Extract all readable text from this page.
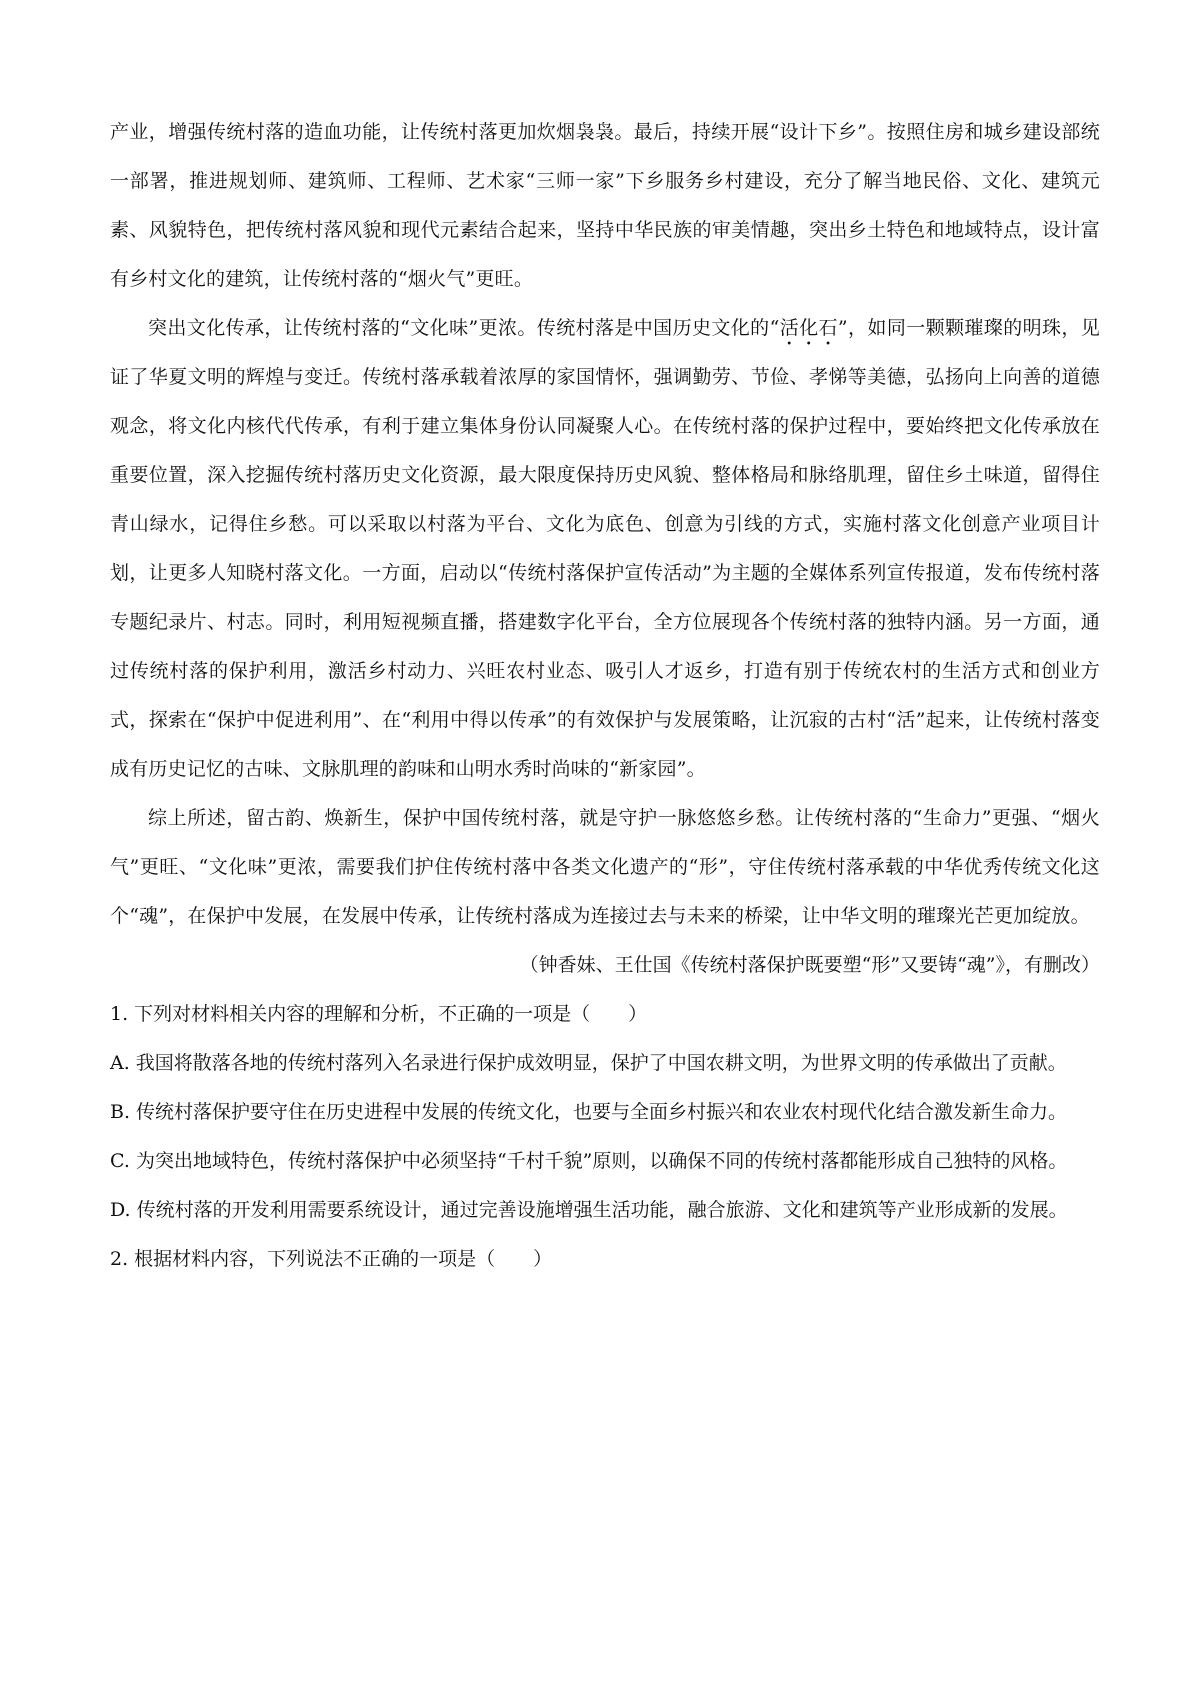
产业，增强传统村落的造血功能，让传统村落更加炊烟袅袅。最后，持续开展“设计下乡”。按照住房和城乡建设部统一部署，推进规划师、建筑师、工程师、艺术家“三师一家”下乡服务乡村建设，充分了解当地民俗、文化、建筑元素、风貌特色，把传统村落风貌和现代元素结合起来，坚持中华民族的审美情趣，突出乡土特色和地域特点，设计富有乡村文化的建筑，让传统村落的“烟火气”更旺。

突出文化传承，让传统村落的“文化味”更浓。传统村落是中国历史文化的“活化石”，如同一颗颗璀璨的明珠，见证了华夏文明的辉煌与变迁。传统村落承载着浓厚的家国情怀，强调勤劳、节俭、孝悌等美德，弘扬向上向善的道德观念，将文化内核代代传承，有利于建立集体身份认同凝聚人心。在传统村落的保护过程中，要始终把文化传承放在重要位置，深入挖掘传统村落历史文化资源，最大限度保持历史风貌、整体格局和脉络肌理，留住乡土味道，留得住青山绿水，记得住乡愁。可以采取以村落为平台、文化为底色、创意为引线的方式，实施村落文化创意产业项目计划，让更多人知晓村落文化。一方面，启动以“传统村落保护宣传活动”为主题的全媒体系列宣传报道，发布传统村落专题纪录片、村志。同时，利用短视频直播，搭建数字化平台，全方位展现各个传统村落的独特内涵。另一方面，通过传统村落的保护利用，激活乡村动力、兴旺农村业态、吸引人才返乡，打造有别于传统农村的生活方式和创业方式，探索在“保护中促进利用”、在“利用中得以传承”的有效保护与发展策略，让沉寂的古村“活”起来，让传统村落变成有历史记忆的古味、文脉肌理的韵味和山明水秀时尚味的“新家园”。

综上所述，留古韵、焕新生，保护中国传统村落，就是守护一脉悠悠乡愁。让传统村落的“生命力”更强、“烟火气”更旺、“文化味”更浓，需要我们护住传统村落中各类文化遗产的“形”，守住传统村落承载的中华优秀传统文化这个“魂”，在保护中发展，在发展中传承，让传统村落成为连接过去与未来的桥梁，让中华文明的璀璨光芒更加绽放。

（钟香妹、王仕国《传统村落保护既要塑“形”又要铸“魂”》，有删改）

1. 下列对材料相关内容的理解和分析，不正确的一项是（　　）

A. 我国将散落各地的传统村落列入名录进行保护成效明显，保护了中国农耕文明，为世界文明的传承做出了贡献。

B. 传统村落保护要守住在历史进程中发展的传统文化，也要与全面乡村振兴和农业农村现代化结合激发新生命力。

C. 为突出地域特色，传统村落保护中必须坚持“千村千貌”原则，以确保不同的传统村落都能形成自己独特的风格。

D. 传统村落的开发利用需要系统设计，通过完善设施增强生活功能，融合旅游、文化和建筑等产业形成新的发展。

2. 根据材料内容，下列说法不正确的一项是（　　）
